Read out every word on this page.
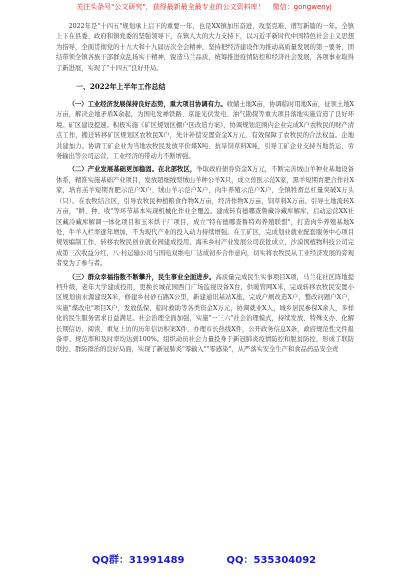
关注头条号"公文研究"，获得最新最全最专业的公文资料库！ 微信：gongwenyj

2022年是"十四五"规划承上启下的重要一年，也是XX镇加压奋进、攻坚克难、谱写新篇的一年。全镇上下在县委、政府和镇党委的坚强领导下，在镇人大的大力支持下，以习近平新时代中国特色社会主义思想为指导，全面贯彻党的十九大和十九届历次全会精神，坚持把经济建设作为推动高质量发展的第一要务，团结带领全镇各族干部群众乱扬实干精神，锐造马兰品质，统筹推进疫情防控和经济社会发展，各项事业取得了新进展，实现了"十四五"良好开局。

一、2022年上半年工作总结

（一）工业经济发展保持良好态势，重大项目协调有力。收储土地X亩，协调临时用地X亩，征领土地X万亩，解决企地矛盾X余起，为国电发禅铁路、京能光伏发电、油气勘探等重大项目落地实施营造了良好环境。矿区建设提速。积极实施《矿区规划区棚户区改造方案》，协调规划范围内企业完成X户农牧民的财产清点工作，搬迁转移矿区规划区农牧民X户，先计补偿安置资金X万元，有效保障了农牧民的合法权益。企地共建加力。协调工矿企业为当地农牧民发放平价煤X吨、抗旱饲草料X吨，引导工矿企业支持当地货运、劳务输出等公司运营，工业经济的带动力不断增强。

（二）产业发展基础更加稳固。在北部牧区，争取政府债券资金X万元，不断完善绒山羊种业基地设备体系，精准实施基础产业项目，发放超细绒型绒山羊种公羊X只，成立兽医示范X家，黑羊短期育肥合作社X家，培育羔羊短期育肥示范户X户、绒山羊示范户X户，肉牛养殖示范户X户，全镇牲畜总杠量突破X万头（只）。在农牧结合区，引导农牧民种植粮食作物X万亩，经济作物X万亩，饲草料X万亩。引导土地流转X万亩，"耕、种、收"等环节基本实现机械化作业全覆盖。建成转有德哪查鲁藏冷藏库解库，启动运营XX社区藏冷藏库解调一体化项目和玉米烘干厂项目，成立"特布德哪查鲁特鸡养殖联盟"，打造肉牛养殖基地X处，牛羊入栏率逐年增加，不为现代产业的投入动力持续增强。在工矿区，完成划业就业配套服务中心项目规划编制工作，转移农牧民创业就业园建成投用，海禾乡村产业发展公司获批成立，沙漠国植物科技公司完成第三次收益分红，八·村运输公司与国电双维电厂达成初步合作意向，切实将农牧民从工业经济发展的旁观者变为了参与者。

（三）群众幸福指数不断攀升，民生事业全面进步。高质量完成民生实事项目X项，马兰花社区阵地提档升级，老年大学建成投用，更换长城花园西门广场监视设备X台，供暖管网X米，完成转移农牧民安置小区规划街水源建设X米，修建乡村砂石路X公里，新建通讯基站X座，完成户厕改造X户，整改问题户X户，实施"煤改电"项目X户，发放低保、临时救助等各类资金X万元，协调就业X人，城乡居民参保X余人，多样化的民生服务需求日益满足。社会治理全面加强，实施"一三六"社会治理模式，持续发放、特殊支办、化解长期信访、阅读、重复上访的历年信访积案X件，办理市长热线X件，公开政务信息X条，政府规范性文件报备率、规范率和及时率均达到100%。组织动员社会力量投身于新冠肺炎疫情防控和脱贫防控，形成了联防联控、群防群治的良好局面，实现了新冠肺炎"零输入""零感染"，从严落实安全生产和食品药品安全责

QQ群：31991489	QQ：535304092
